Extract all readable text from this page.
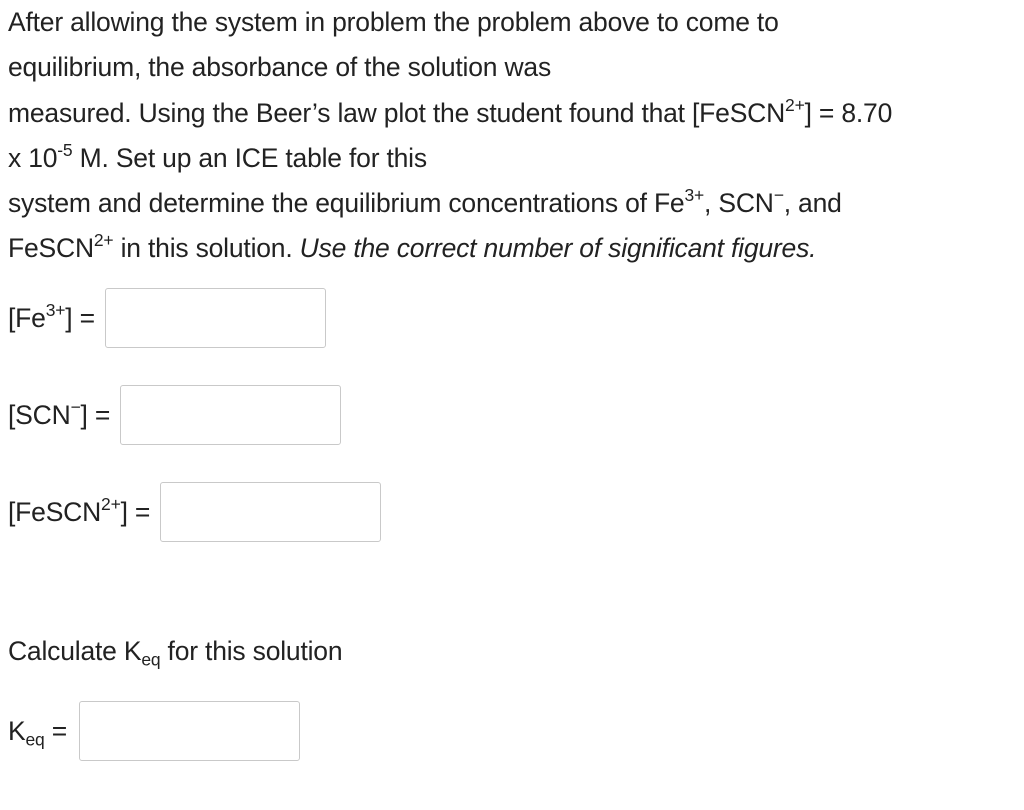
After allowing the system in problem the problem above to come to

equilibrium, the absorbance of the solution was

measured. Using the Beer’s law plot the student found that [FeSCN$^{2+}$] = 8.70

x $10^{-5}$ M. Set up an ICE table for this

system and determine the equilibrium concentrations of $Fe^{3+}$, SCN−, and

FeSCN$^{2+}$ in this solution. Use the correct number of significant figures.

$[Fe^{3+}]$ =
[SCN−] =
[FeSCN$^{2+}$] =

Calculate $K_{eq}$ for this solution

$K_{eq}$ =
